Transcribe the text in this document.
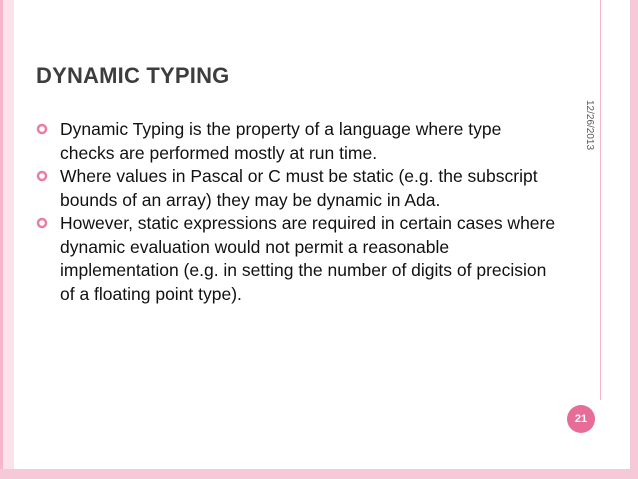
DYNAMIC TYPING
12/26/2013
Dynamic Typing is the property of a language where type checks are performed mostly at run time.
Where values in Pascal or C must be static (e.g. the subscript bounds of an array) they may be dynamic in Ada.
However, static expressions are required in certain cases where dynamic evaluation would not permit a reasonable implementation (e.g. in setting the number of digits of precision of a floating point type).
21
